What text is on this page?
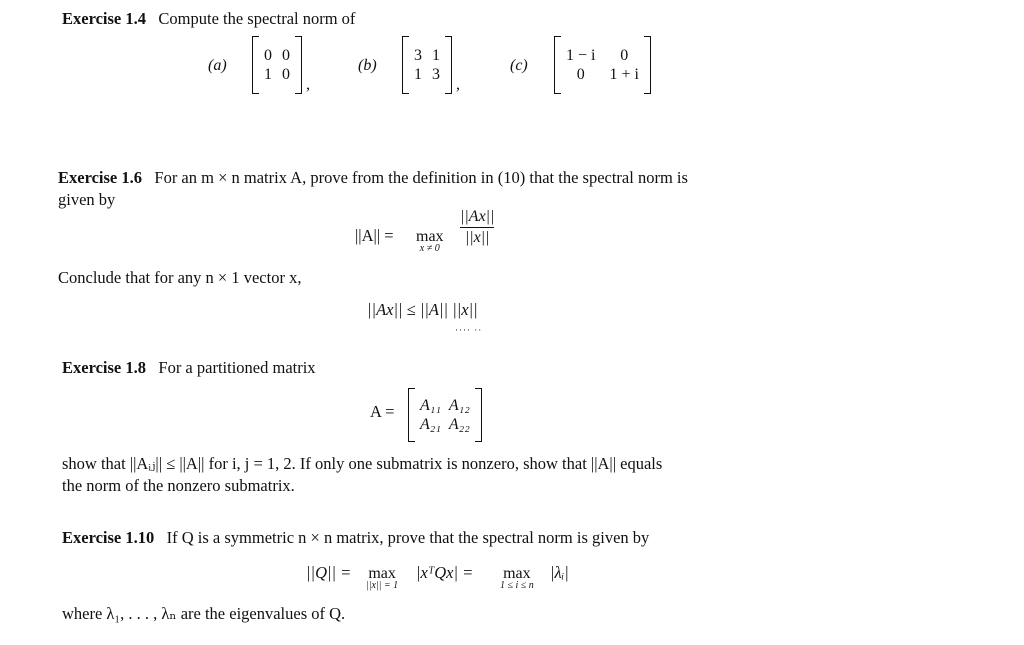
Exercise 1.4 Compute the spectral norm of
(a)
0 0
1 0
,
(b)
3 1
1 3
,
(c)
1 − i	0
0	1 + i
Exercise 1.6 For an m × n matrix A, prove from the definition in (10) that the spectral norm is
given by
||A|| = max
x ≠ 0
||Ax||
||x||
Conclude that for any n × 1 vector x,
||Ax|| ≤ ||A|| ||x||
···· ··
Exercise 1.8 For a partitioned matrix
A = A₁₁ A₁₂
A₂₁ A₂₂
show that ||Aᵢⱼ|| ≤ ||A|| for i, j = 1, 2. If only one submatrix is nonzero, show that ||A|| equals
the norm of the nonzero submatrix.
Exercise 1.10 If Q is a symmetric n × n matrix, prove that the spectral norm is given by
||Q|| = max
||x|| = 1
|xᵀQx| = max
1 ≤ i ≤ n
|λᵢ|
where λ₁, . . . , λₙ are the eigenvalues of Q.
